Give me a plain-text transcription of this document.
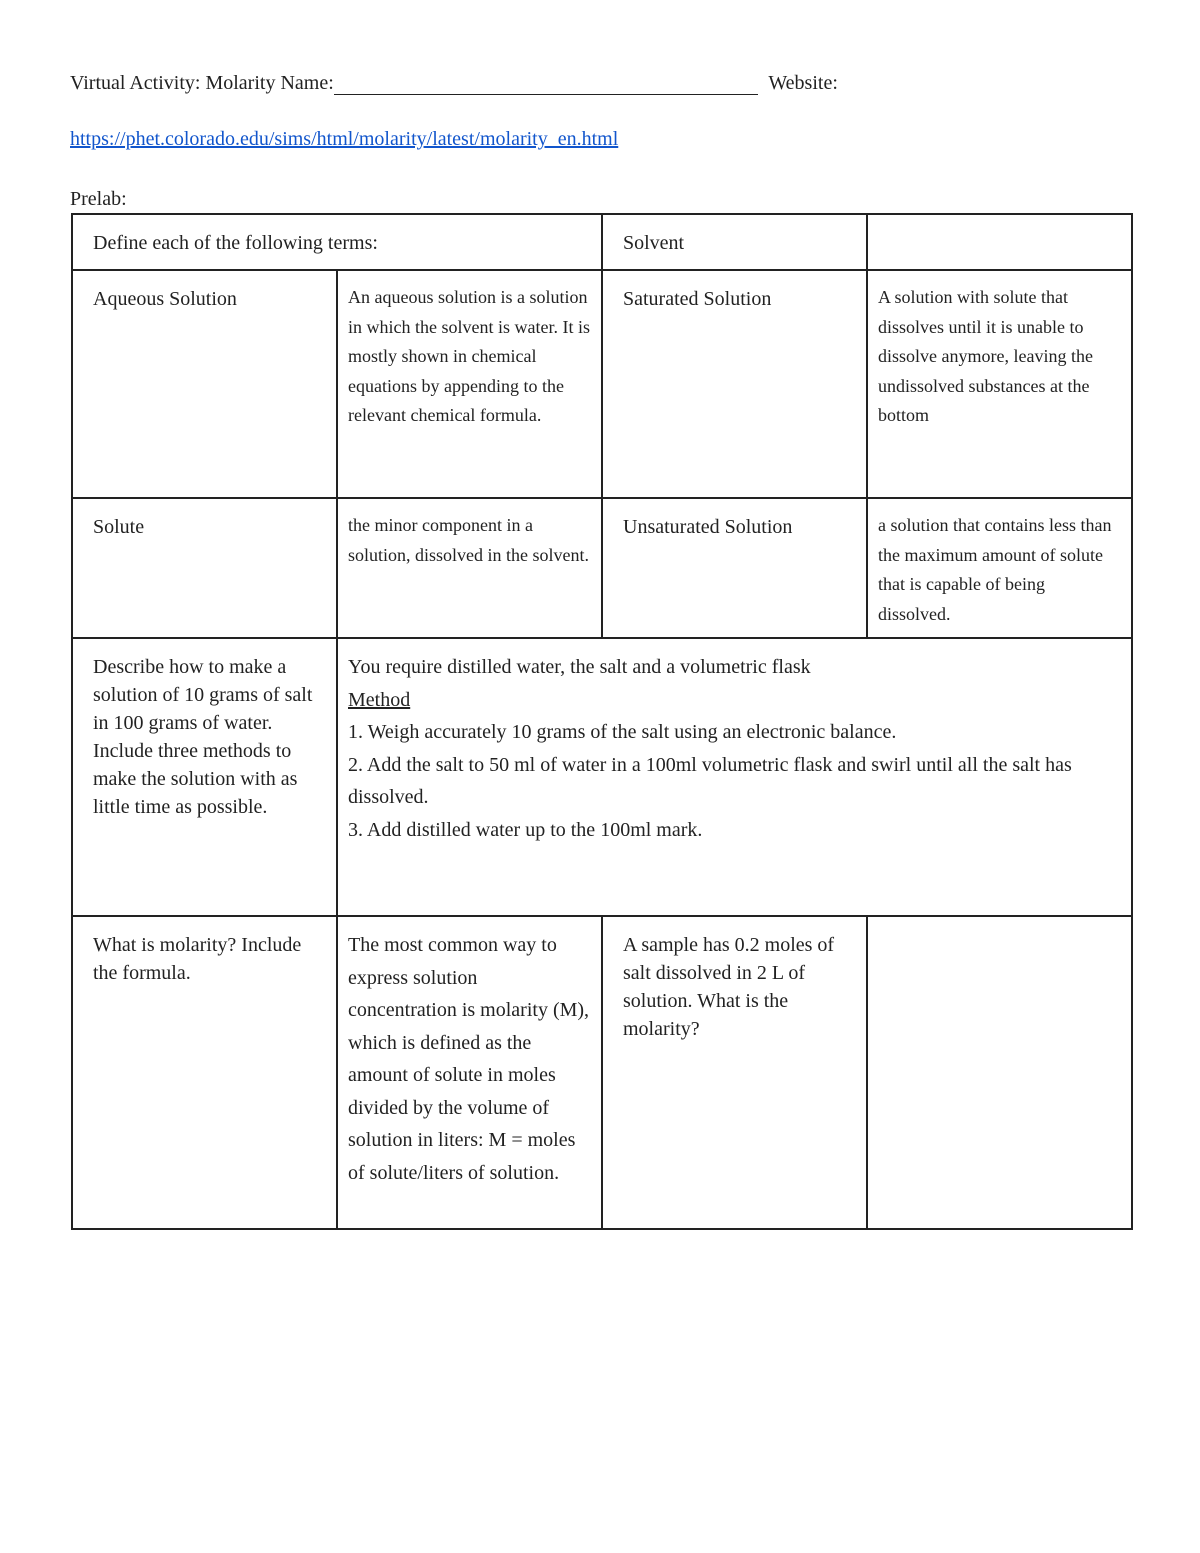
Virtual Activity: Molarity Name:	Website:
https://phet.colorado.edu/sims/html/molarity/latest/molarity_en.html
Prelab:
Define each of the following terms:		Solvent	
Aqueous Solution	An aqueous solution is a solution in which the solvent is water. It is mostly shown in chemical equations by appending to the relevant chemical formula.	Saturated Solution	A solution with solute that dissolves until it is unable to dissolve anymore, leaving the undissolved substances at the bottom
Solute	the minor component in a solution, dissolved in the solvent.	Unsaturated Solution	a solution that contains less than the maximum amount of solute that is capable of being dissolved.
Describe how to make a solution of 10 grams of salt in 100 grams of water. Include three methods to make the solution with as little time as possible.	You require distilled water, the salt and a volumetric flask
Method
1. Weigh accurately 10 grams of the salt using an electronic balance.
2. Add the salt to 50 ml of water in a 100ml volumetric flask and swirl until all the salt has dissolved.
3. Add distilled water up to the 100ml mark.		

What is molarity? Include the formula.	The most common way to express solution concentration is molarity (M), which is defined as the amount of solute in moles divided by the volume of solution in liters: M = moles of solute/liters of solution.	A sample has 0.2 moles of salt dissolved in 2 L of solution. What is the molarity?	
